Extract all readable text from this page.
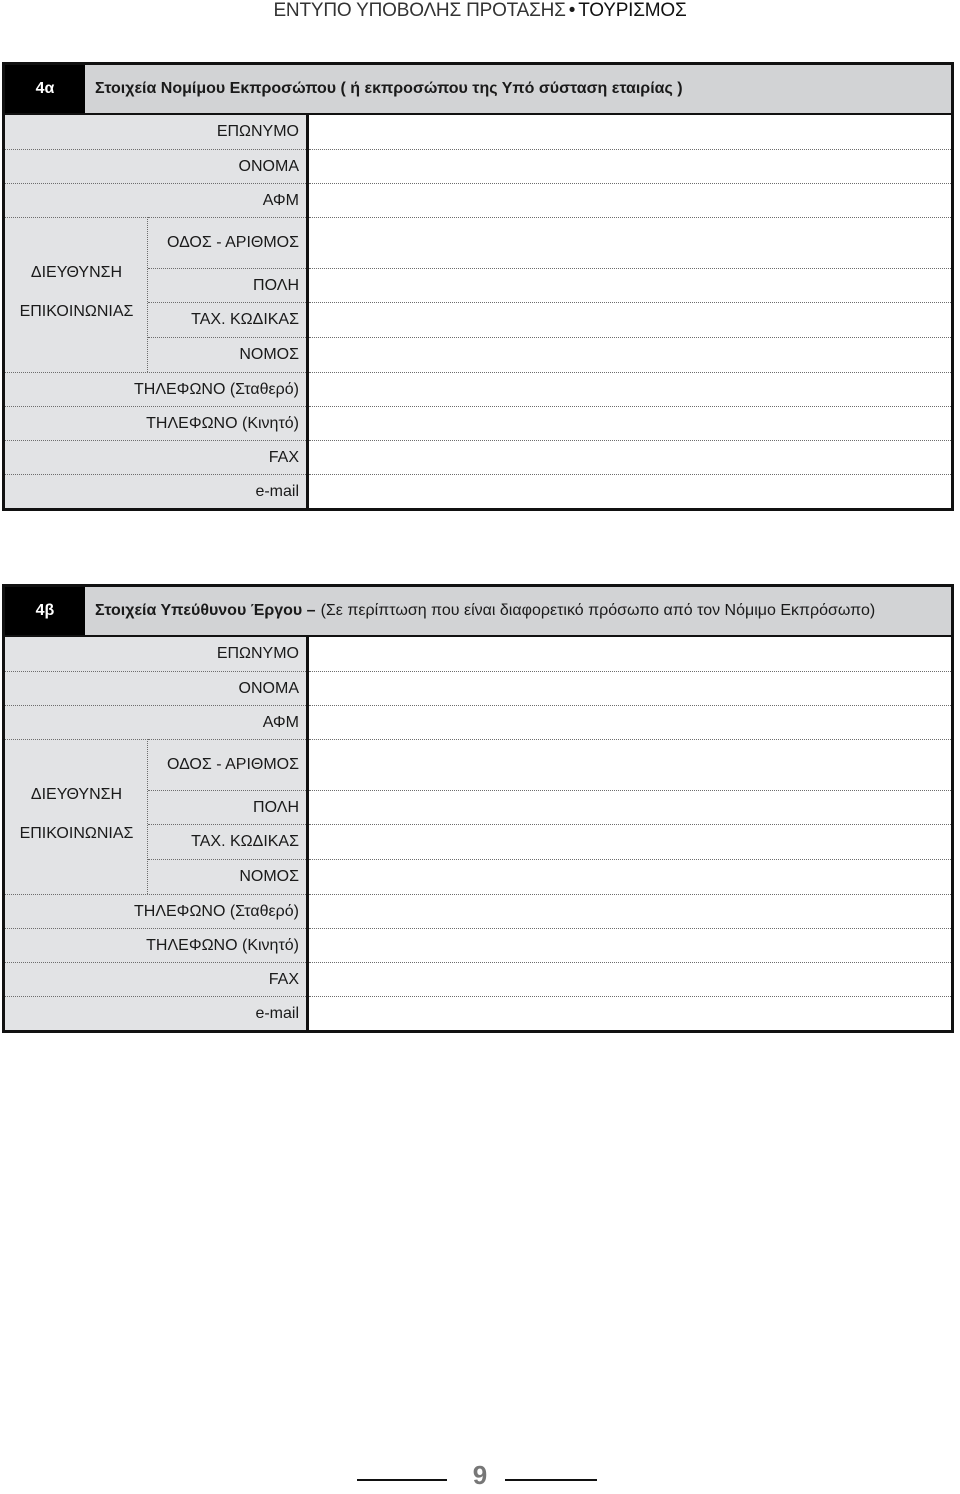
ΕΝΤΥΠΟ ΥΠΟΒΟΛΗΣ ΠΡΟΤΑΣΗΣ • ΤΟΥΡΙΣΜΟΣ
4α	Στοιχεία Νομίμου Εκπροσώπου ( ή εκπροσώπου της Υπό σύσταση εταιρίας )
ΕΠΩΝΥΜΟ
ΟΝΟΜΑ
ΑΦΜ
ΔΙΕΥΘΥΝΣΗ
ΕΠΙΚΟΙΝΩΝΙΑΣ
ΟΔΟΣ - ΑΡΙΘΜΟΣ
ΠΟΛΗ
ΤΑΧ. ΚΩΔΙΚΑΣ
ΝΟΜΟΣ
ΤΗΛΕΦΩΝΟ (Σταθερό)
ΤΗΛΕΦΩΝΟ (Κινητό)
FAX
e-mail
4β	Στοιχεία Υπεύθυνου Έργου – (Σε περίπτωση που είναι διαφορετικό πρόσωπο από τον Νόμιμο Εκπρόσωπο)
ΕΠΩΝΥΜΟ
ΟΝΟΜΑ
ΑΦΜ
ΔΙΕΥΘΥΝΣΗ
ΕΠΙΚΟΙΝΩΝΙΑΣ
ΟΔΟΣ - ΑΡΙΘΜΟΣ
ΠΟΛΗ
ΤΑΧ. ΚΩΔΙΚΑΣ
ΝΟΜΟΣ
ΤΗΛΕΦΩΝΟ (Σταθερό)
ΤΗΛΕΦΩΝΟ (Κινητό)
FAX
e-mail
9
